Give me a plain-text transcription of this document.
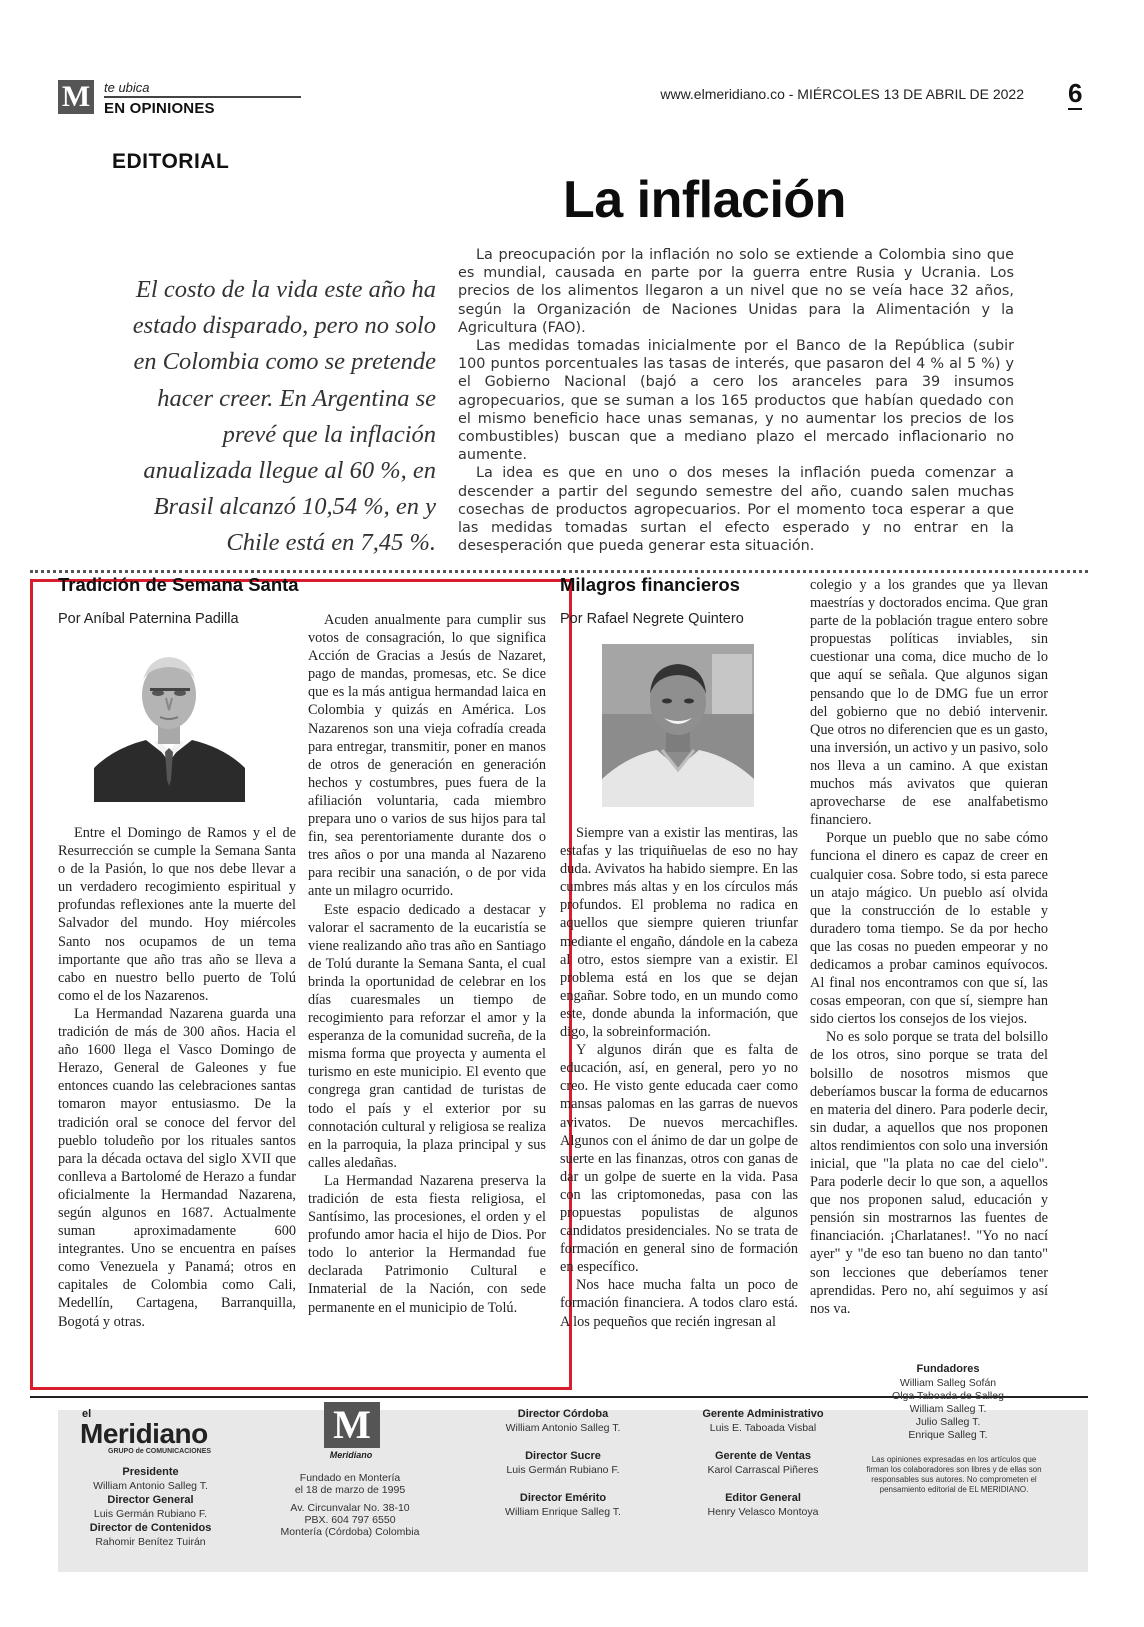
M te ubica
EN OPINIONES
www.elmeridiano.co - MIÉRCOLES 13 DE ABRIL DE 2022 6
EDITORIAL
La inflación
El costo de la vida este año ha estado disparado, pero no solo en Colombia como se pretende hacer creer. En Argentina se prevé que la inflación anualizada llegue al 60 %, en Brasil alcanzó 10,54 %, en y Chile está en 7,45 %.

La preocupación por la inflación no solo se extiende a Colombia sino que es mundial, causada en parte por la guerra entre Rusia y Ucrania. Los precios de los alimentos llegaron a un nivel que no se veía hace 32 años, según la Organización de Naciones Unidas para la Alimentación y la Agricultura (FAO).

Las medidas tomadas inicialmente por el Banco de la República (subir 100 puntos porcentuales las tasas de interés, que pasaron del 4 % al 5 %) y el Gobierno Nacional (bajó a cero los aranceles para 39 insumos agropecuarios, que se suman a los 165 productos que habían quedado con el mismo beneficio hace unas semanas, y no aumentar los precios de los combustibles) buscan que a mediano plazo el mercado inflacionario no aumente.

La idea es que en uno o dos meses la inflación pueda comenzar a descender a partir del segundo semestre del año, cuando salen muchas cosechas de productos agropecuarios. Por el momento toca esperar a que las medidas tomadas surtan el efecto esperado y no entrar en la desesperación que pueda generar esta situación.

Tradición de Semana Santa
Por Aníbal Paternina Padilla

Entre el Domingo de Ramos y el de Resurrección se cumple la Semana Santa o de la Pasión, lo que nos debe llevar a un verdadero recogimiento espiritual y profundas reflexiones ante la muerte del Salvador del mundo. Hoy miércoles Santo nos ocupamos de un tema importante que año tras año se lleva a cabo en nuestro bello puerto de Tolú como el de los Nazarenos.

La Hermandad Nazarena guarda una tradición de más de 300 años. Hacia el año 1600 llega el Vasco Domingo de Herazo, General de Galeones y fue entonces cuando las celebraciones santas tomaron mayor entusiasmo. De la tradición oral se conoce del fervor del pueblo toludeño por los rituales santos para la década octava del siglo XVII que conlleva a Bartolomé de Herazo a fundar oficialmente la Hermandad Nazarena, según algunos en 1687. Actualmente suman aproximadamente 600 integrantes. Uno se encuentra en países como Venezuela y Panamá; otros en capitales de Colombia como Cali, Medellín, Cartagena, Barranquilla, Bogotá y otras.

Acuden anualmente para cumplir sus votos de consagración, lo que significa Acción de Gracias a Jesús de Nazaret, pago de mandas, promesas, etc. Se dice que es la más antigua hermandad laica en Colombia y quizás en América. Los Nazarenos son una vieja cofradía creada para entregar, transmitir, poner en manos de otros de generación en generación hechos y costumbres, pues fuera de la afiliación voluntaria, cada miembro prepara uno o varios de sus hijos para tal fin, sea perentoriamente durante dos o tres años o por una manda al Nazareno para recibir una sanación, o de por vida ante un milagro ocurrido.

Este espacio dedicado a destacar y valorar el sacramento de la eucaristía se viene realizando año tras año en Santiago de Tolú durante la Semana Santa, el cual brinda la oportunidad de celebrar en los días cuaresmales un tiempo de recogimiento para reforzar el amor y la esperanza de la comunidad sucreña, de la misma forma que proyecta y aumenta el turismo en este municipio. El evento que congrega gran cantidad de turistas de todo el país y el exterior por su connotación cultural y religiosa se realiza en la parroquia, la plaza principal y sus calles aledañas.

La Hermandad Nazarena preserva la tradición de esta fiesta religiosa, el Santísimo, las procesiones, el orden y el profundo amor hacia el hijo de Dios. Por todo lo anterior la Hermandad fue declarada Patrimonio Cultural e Inmaterial de la Nación, con sede permanente en el municipio de Tolú.

Milagros financieros
Por Rafael Negrete Quintero

Siempre van a existir las mentiras, las estafas y las triquiñuelas de eso no hay duda. Avivatos ha habido siempre. En las cumbres más altas y en los círculos más profundos. El problema no radica en aquellos que siempre quieren triunfar mediante el engaño, dándole en la cabeza al otro, estos siempre van a existir. El problema está en los que se dejan engañar. Sobre todo, en un mundo como este, donde abunda la información, que digo, la sobreinformación.

Y algunos dirán que es falta de educación, así, en general, pero yo no creo. He visto gente educada caer como mansas palomas en las garras de nuevos avivatos. De nuevos mercachifles. Algunos con el ánimo de dar un golpe de suerte en las finanzas, otros con ganas de dar un golpe de suerte en la vida. Pasa con las criptomonedas, pasa con las propuestas populistas de algunos candidatos presidenciales. No se trata de formación en general sino de formación en específico.

Nos hace mucha falta un poco de formación financiera. A todos claro está. A los pequeños que recién ingresan al

colegio y a los grandes que ya llevan maestrías y doctorados encima. Que gran parte de la población trague entero sobre propuestas políticas inviables, sin cuestionar una coma, dice mucho de lo que aquí se señala. Que algunos sigan pensando que lo de DMG fue un error del gobierno que no debió intervenir. Que otros no diferencien que es un gasto, una inversión, un activo y un pasivo, solo nos lleva a un camino. A que existan muchos más avivatos que quieran aprovecharse de ese analfabetismo financiero.

Porque un pueblo que no sabe cómo funciona el dinero es capaz de creer en cualquier cosa. Sobre todo, si esta parece un atajo mágico. Un pueblo así olvida que la construcción de lo estable y duradero toma tiempo. Se da por hecho que las cosas no pueden empeorar y no dedicamos a probar caminos equívocos. Al final nos encontramos con que sí, las cosas empeoran, con que sí, siempre han sido ciertos los consejos de los viejos.

No es solo porque se trata del bolsillo de los otros, sino porque se trata del bolsillo de nosotros mismos que deberíamos buscar la forma de educarnos en materia del dinero. Para poderle decir, sin dudar, a aquellos que nos proponen altos rendimientos con solo una inversión inicial, que "la plata no cae del cielo". Para poderle decir lo que son, a aquellos que nos proponen salud, educación y pensión sin mostrarnos las fuentes de financiación. ¡Charlatanes!. "Yo no nací ayer" y "de eso tan bueno no dan tanto" son lecciones que deberíamos tener aprendidas. Pero no, ahí seguimos y así nos va.

el
Meridiano
GRUPO de COMUNICACIONES
Presidente
William Antonio Salleg T.
Director General
Luis Germán Rubiano F.
Director de Contenidos
Rahomir Benítez Tuirán
M
Meridiano
Fundado en Montería
el 18 de marzo de 1995
Av. Circunvalar No. 38-10
PBX. 604 797 6550
Montería (Córdoba) Colombia
Director Córdoba
William Antonio Salleg T.
Director Sucre
Luis Germán Rubiano F.
Director Emérito
William Enrique Salleg T.
Gerente Administrativo
Luis E. Taboada Visbal
Gerente de Ventas
Karol Carrascal Piñeres
Editor General
Henry Velasco Montoya
Fundadores
William Salleg Sofán
Olga Taboada de Salleg
William Salleg T.
Julio Salleg T.
Enrique Salleg T.
Las opiniones expresadas en los artículos que firman los colaboradores son libres y de ellas son responsables sus autores. No comprometen el pensamiento editorial de EL MERIDIANO.
